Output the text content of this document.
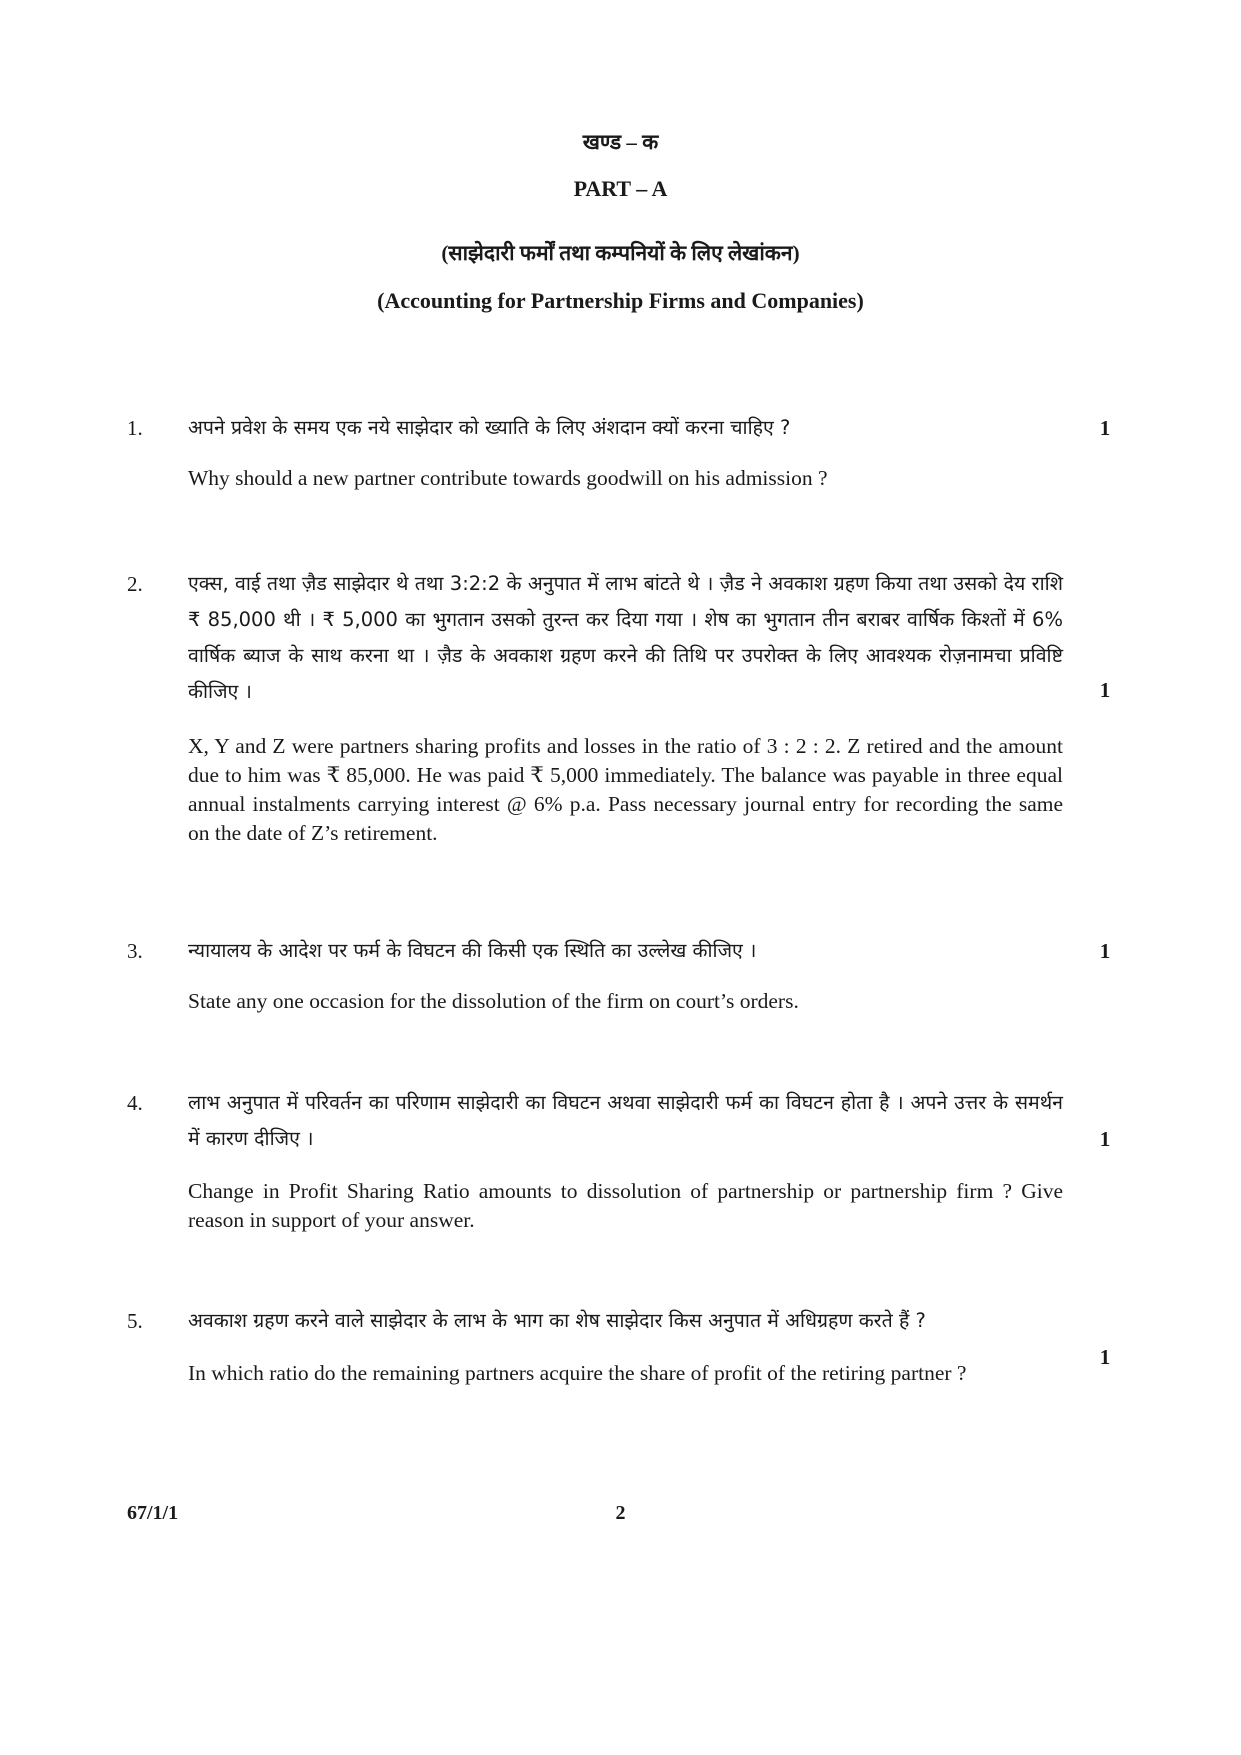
खण्ड – क
PART – A
(साझेदारी फर्मों तथा कम्पनियों के लिए लेखांकन)
(Accounting for Partnership Firms and Companies)
1. अपने प्रवेश के समय एक नये साझेदार को ख्याति के लिए अंशदान क्यों करना चाहिए ?
Why should a new partner contribute towards goodwill on his admission ?
1
2. एक्स, वाई तथा ज़ैड साझेदार थे तथा 3:2:2 के अनुपात में लाभ बांटते थे । ज़ैड ने अवकाश ग्रहण किया तथा उसको देय राशि ₹ 85,000 थी । ₹ 5,000 का भुगतान उसको तुरन्त कर दिया गया । शेष का भुगतान तीन बराबर वार्षिक किश्तों में 6% वार्षिक ब्याज के साथ करना था । ज़ैड के अवकाश ग्रहण करने की तिथि पर उपरोक्त के लिए आवश्यक रोज़नामचा प्रविष्टि कीजिए ।
X, Y and Z were partners sharing profits and losses in the ratio of 3 : 2 : 2. Z retired and the amount due to him was ₹ 85,000. He was paid ₹ 5,000 immediately. The balance was payable in three equal annual instalments carrying interest @ 6% p.a. Pass necessary journal entry for recording the same on the date of Z’s retirement.
1
3. न्यायालय के आदेश पर फर्म के विघटन की किसी एक स्थिति का उल्लेख कीजिए ।
State any one occasion for the dissolution of the firm on court’s orders.
1
4. लाभ अनुपात में परिवर्तन का परिणाम साझेदारी का विघटन अथवा साझेदारी फर्म का विघटन होता है । अपने उत्तर के समर्थन में कारण दीजिए ।
Change in Profit Sharing Ratio amounts to dissolution of partnership or partnership firm ? Give reason in support of your answer.
1
5. अवकाश ग्रहण करने वाले साझेदार के लाभ के भाग का शेष साझेदार किस अनुपात में अधिग्रहण करते हैं ?
In which ratio do the remaining partners acquire the share of profit of the retiring partner ?
1
67/1/1	2
